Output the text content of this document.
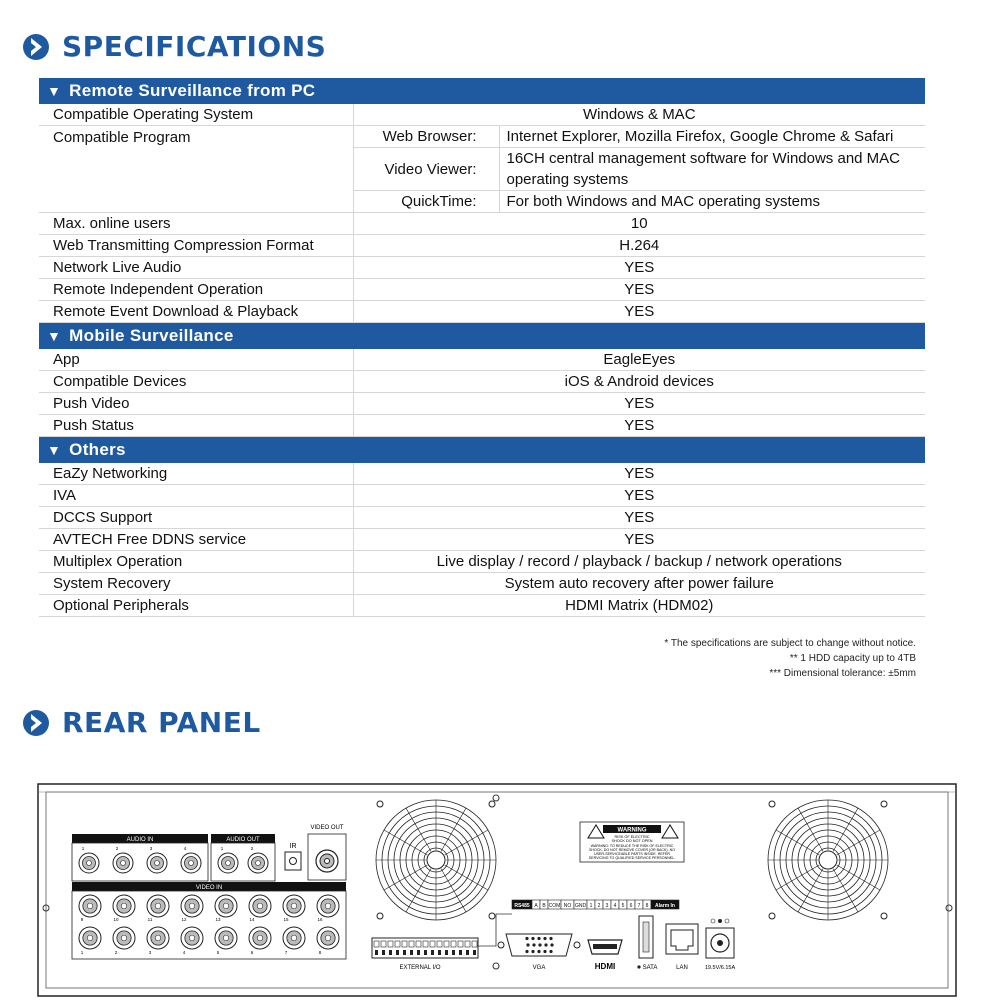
SPECIFICATIONS
▼ Remote Surveillance from PC		
Compatible Operating System	Windows & MAC	
Compatible Program	Web Browser:	Internet Explorer, Mozilla Firefox, Google Chrome & Safari
	Video Viewer:	16CH central management software for Windows and MAC operating systems
	QuickTime:	For both Windows and MAC operating systems
Max. online users	10	
Web Transmitting Compression Format	H.264	
Network Live Audio	YES	
Remote Independent Operation	YES	
Remote Event Download & Playback	YES	
▼ Mobile Surveillance		
App	EagleEyes	
Compatible Devices	iOS & Android devices	
Push Video	YES	
Push Status	YES	
▼ Others		
EaZy Networking	YES	
IVA	YES	
DCCS Support	YES	
AVTECH Free DDNS service	YES	
Multiplex Operation	Live display / record / playback / backup / network operations	
System Recovery	System auto recovery after power failure	
Optional Peripherals	HDMI Matrix (HDM02)	
* The specifications are subject to change without notice.
** 1 HDD capacity up to 4TB
*** Dimensional tolerance: ±5mm
REAR PANEL
AUDIO IN
1	2	3	4
AUDIO OUT
1	2	IR
VIDEO OUT
VIDEO IN
9	10	11	12	13	14	15	16
1	2	3	4	5	6	7	8
WARNING
RISK OF ELECTRIC
SHOCK DO NOT OPEN
WARNING: TO REDUCE THE RISK OF ELECTRIC
SHOCK, DO NOT REMOVE COVER (OR BACK). NO
USER-SERVICEABLE PARTS INSIDE. REFER
SERVICING TO QUALIFIED SERVICE PERSONNEL.
RS485 A B COM NO GND 1 2 3 4 5 6 7 8 Alarm In
EXTERNAL I/O	VGA	HDMI	SATA	LAN	19.5V/6.15A
